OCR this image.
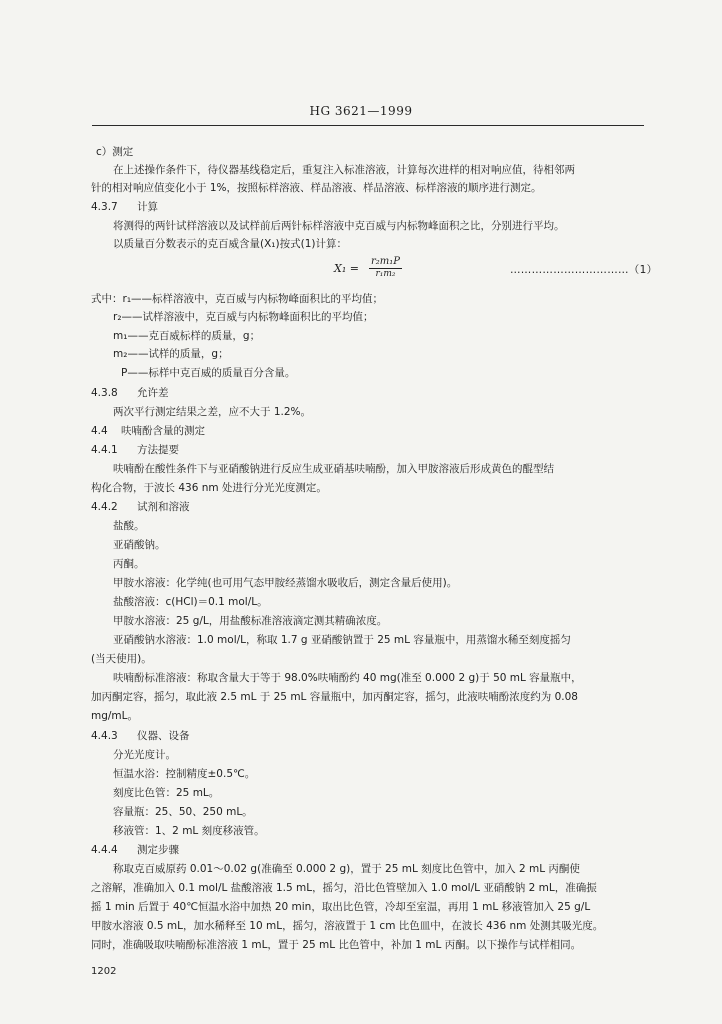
HG 3621—1999
c）测定
在上述操作条件下，待仪器基线稳定后，重复注入标准溶液，计算每次进样的相对响应值，待相邻两
针的相对响应值变化小于 1%，按照标样溶液、样品溶液、样品溶液、标样溶液的顺序进行测定。
4.3.7 计算
将测得的两针试样溶液以及试样前后两针标样溶液中克百威与内标物峰面积之比，分别进行平均。
以质量百分数表示的克百威含量(X₁)按式(1)计算：
$X_1 = \frac{\text{r₂m₁P}}{\text{r₁m₂}}$	……………………………（1）
式中：r₁——标样溶液中，克百威与内标物峰面积比的平均值；
r₂——试样溶液中，克百威与内标物峰面积比的平均值；
m₁——克百威标样的质量，g；
m₂——试样的质量，g；
P——标样中克百威的质量百分含量。
4.3.8 允许差
两次平行测定结果之差，应不大于 1.2%。
4.4 呋喃酚含量的测定
4.4.1 方法提要
呋喃酚在酸性条件下与亚硝酸钠进行反应生成亚硝基呋喃酚，加入甲胺溶液后形成黄色的醌型结
构化合物，于波长 436 nm 处进行分光光度测定。
4.4.2 试剂和溶液
盐酸。
亚硝酸钠。
丙酮。
甲胺水溶液：化学纯(也可用气态甲胺经蒸馏水吸收后，测定含量后使用)。
盐酸溶液：c(HCl)＝0.1 mol/L。
甲胺水溶液：25 g/L，用盐酸标准溶液滴定测其精确浓度。
亚硝酸钠水溶液：1.0 mol/L，称取 1.7 g 亚硝酸钠置于 25 mL 容量瓶中，用蒸馏水稀至刻度摇匀
(当天使用)。
呋喃酚标准溶液：称取含量大于等于 98.0%呋喃酚约 40 mg(准至 0.000 2 g)于 50 mL 容量瓶中，
加丙酮定容，摇匀，取此液 2.5 mL 于 25 mL 容量瓶中，加丙酮定容，摇匀，此液呋喃酚浓度约为 0.08
mg/mL。
4.4.3 仪器、设备
分光光度计。
恒温水浴：控制精度±0.5℃。
刻度比色管：25 mL。
容量瓶：25、50、250 mL。
移液管：1、2 mL 刻度移液管。
4.4.4 测定步骤
称取克百威原药 0.01～0.02 g(准确至 0.000 2 g)，置于 25 mL 刻度比色管中，加入 2 mL 丙酮使
之溶解，准确加入 0.1 mol/L 盐酸溶液 1.5 mL，摇匀，沿比色管壁加入 1.0 mol/L 亚硝酸钠 2 mL，准确振
摇 1 min 后置于 40℃恒温水浴中加热 20 min，取出比色管，冷却至室温，再用 1 mL 移液管加入 25 g/L
甲胺水溶液 0.5 mL，加水稀释至 10 mL，摇匀，溶液置于 1 cm 比色皿中，在波长 436 nm 处测其吸光度。
同时，准确吸取呋喃酚标准溶液 1 mL，置于 25 mL 比色管中，补加 1 mL 丙酮。以下操作与试样相同。
1202
